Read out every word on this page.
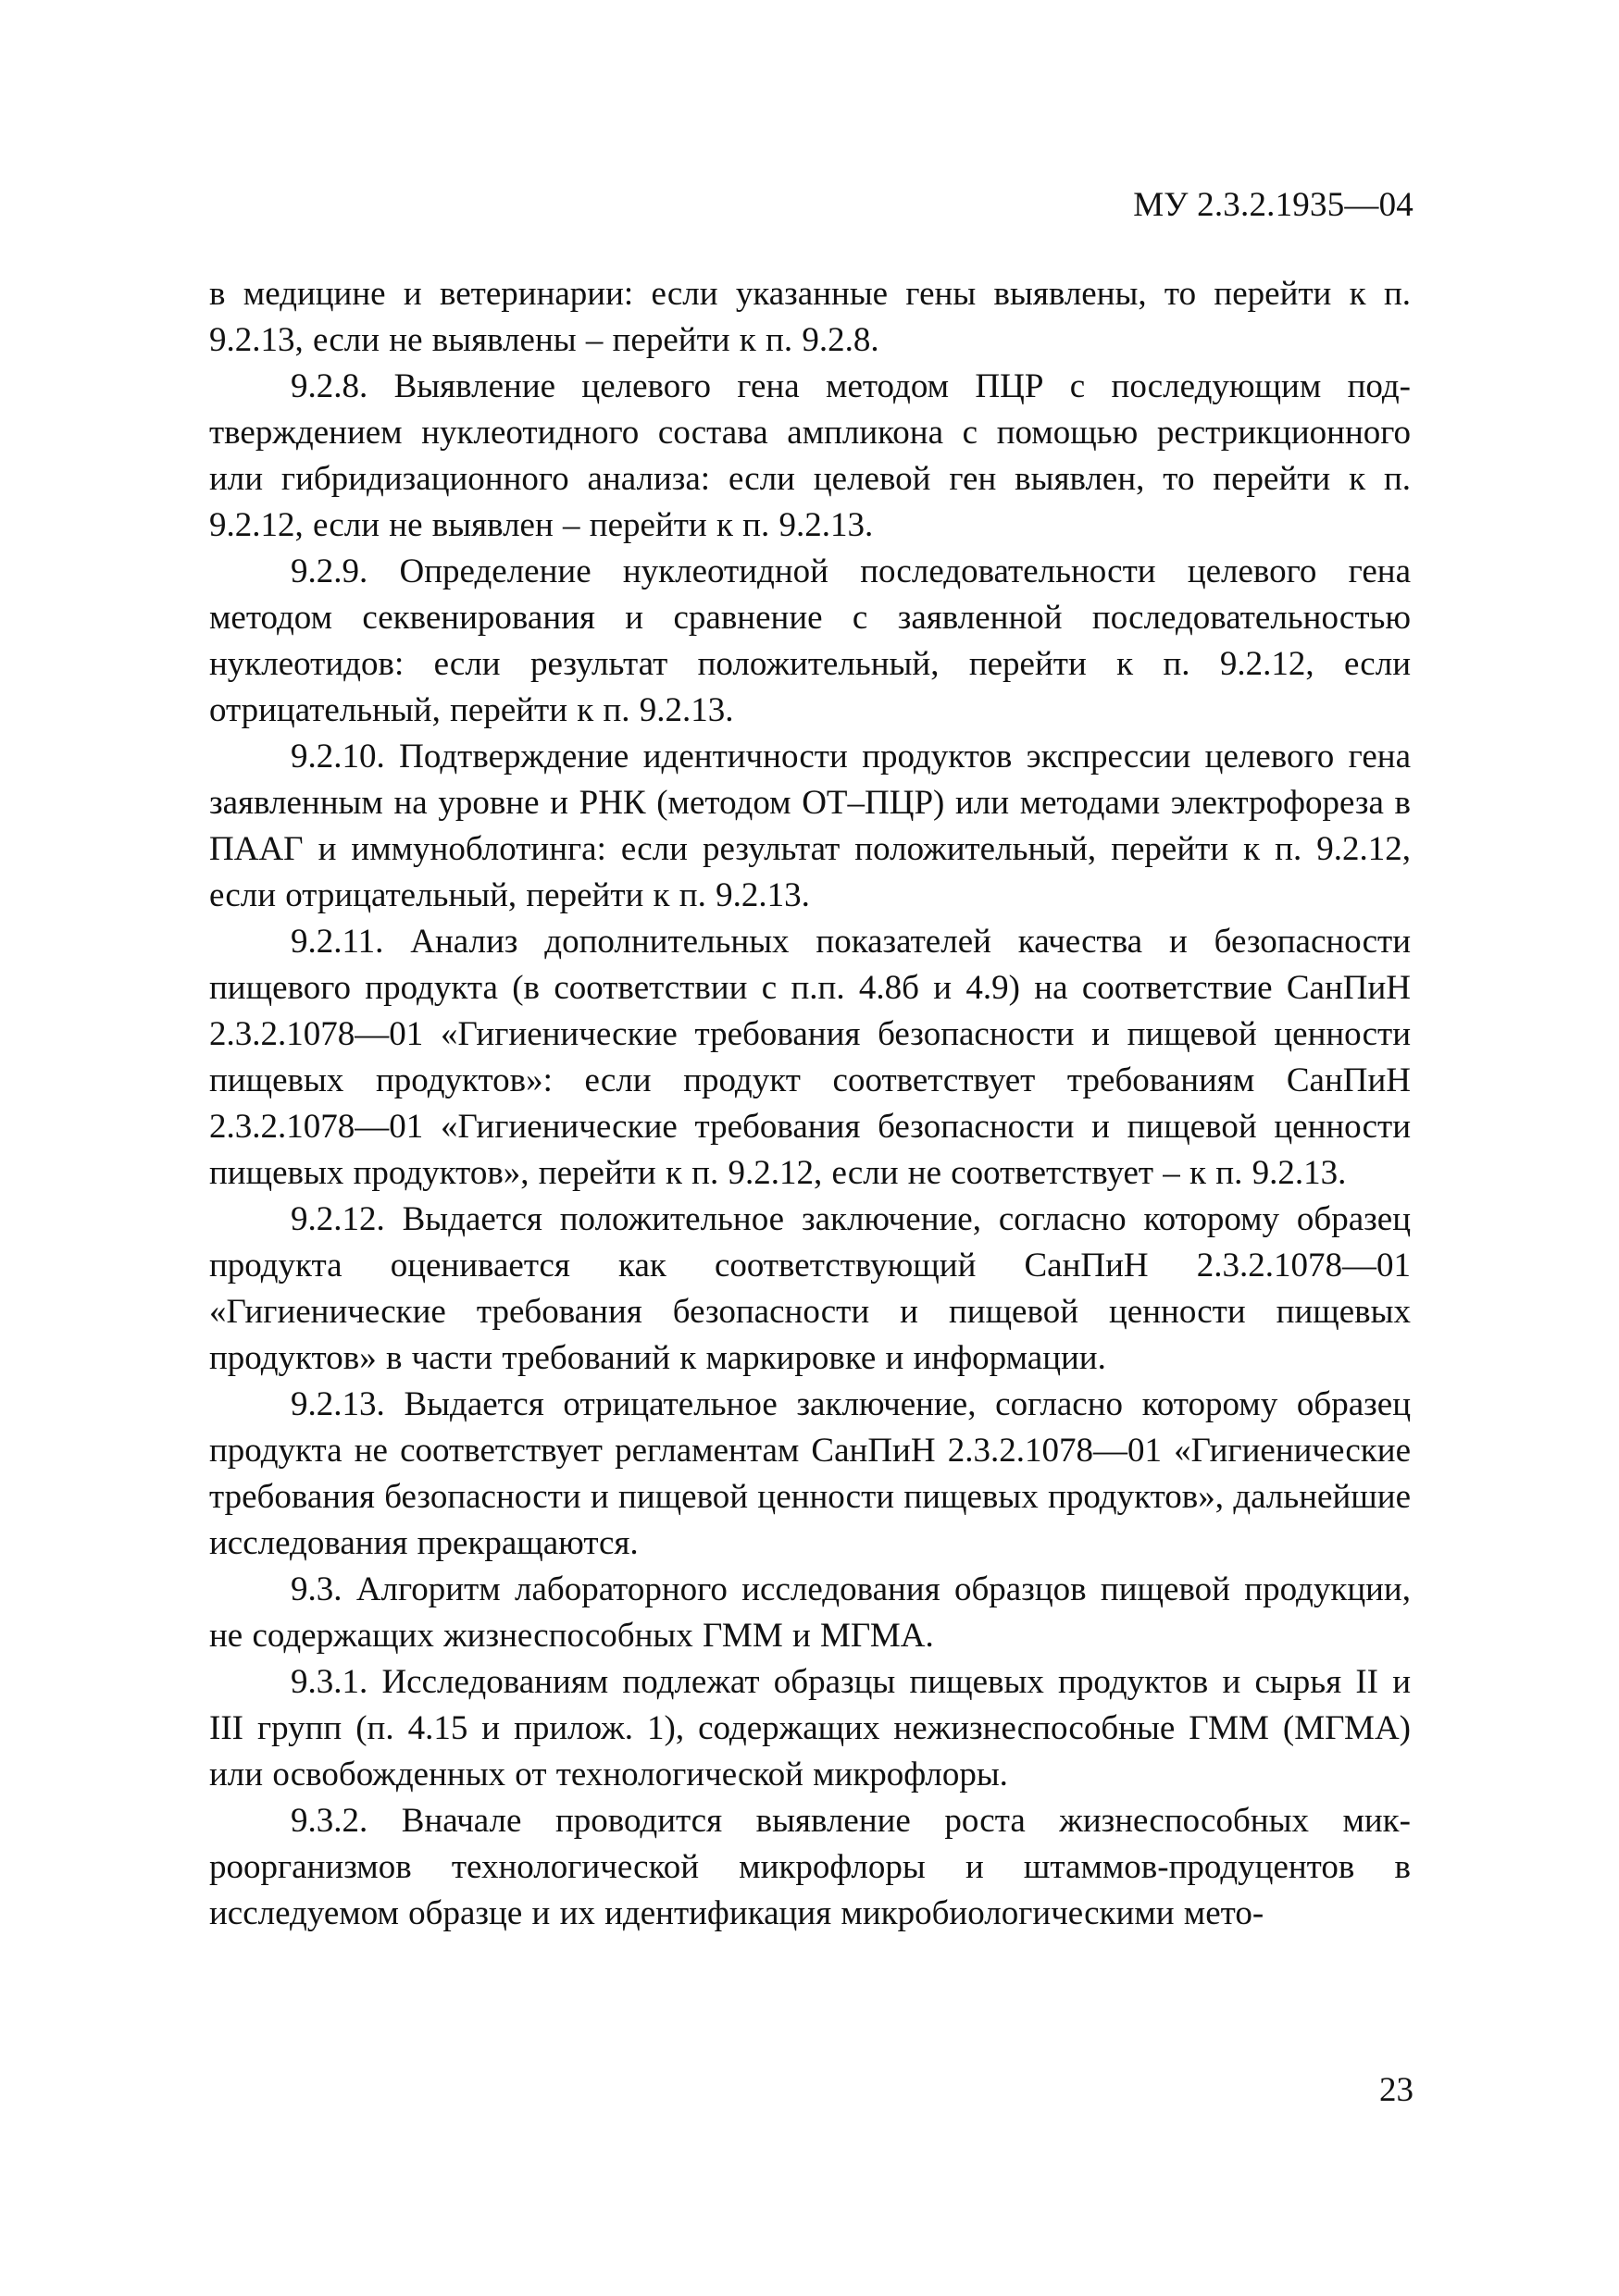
МУ 2.3.2.1935—04

в медицине и ветеринарии: если указанные гены выявлены, то перейти к п. 9.2.13, если не выявлены – перейти к п. 9.2.8.

9.2.8. Выявление целевого гена методом ПЦР с последующим подтверждением нуклеотидного состава ампликона с помощью рестрикционного или гибридизационного анализа: если целевой ген выявлен, то перейти к п. 9.2.12, если не выявлен – перейти к п. 9.2.13.

9.2.9. Определение нуклеотидной последовательности целевого гена методом секвенирования и сравнение с заявленной последовательностью нуклеотидов: если результат положительный, перейти к п. 9.2.12, если отрицательный, перейти к п. 9.2.13.

9.2.10. Подтверждение идентичности продуктов экспрессии целевого гена заявленным на уровне и РНК (методом ОТ–ПЦР) или методами электрофореза в ПААГ и иммуноблотинга: если результат положительный, перейти к п. 9.2.12, если отрицательный, перейти к п. 9.2.13.

9.2.11. Анализ дополнительных показателей качества и безопасности пищевого продукта (в соответствии с п.п. 4.8б и 4.9) на соответствие СанПиН 2.3.2.1078—01 «Гигиенические требования безопасности и пищевой ценности пищевых продуктов»: если продукт соответствует требованиям СанПиН 2.3.2.1078—01 «Гигиенические требования безопасности и пищевой ценности пищевых продуктов», перейти к п. 9.2.12, если не соответствует – к п. 9.2.13.

9.2.12. Выдается положительное заключение, согласно которому образец продукта оценивается как соответствующий СанПиН 2.3.2.1078—01 «Гигиенические требования безопасности и пищевой ценности пищевых продуктов» в части требований к маркировке и информации.

9.2.13. Выдается отрицательное заключение, согласно которому образец продукта не соответствует регламентам СанПиН 2.3.2.1078—01 «Гигиенические требования безопасности и пищевой ценности пищевых продуктов», дальнейшие исследования прекращаются.

9.3. Алгоритм лабораторного исследования образцов пищевой продукции, не содержащих жизнеспособных ГММ и МГМА.

9.3.1. Исследованиям подлежат образцы пищевых продуктов и сырья II и III групп (п. 4.15 и прилож. 1), содержащих нежизнеспособные ГММ (МГМА) или освобожденных от технологической микрофлоры.

9.3.2. Вначале проводится выявление роста жизнеспособных микроорганизмов технологической микрофлоры и штаммов-продуцентов в исследуемом образце и их идентификация микробиологическими мето-

23
